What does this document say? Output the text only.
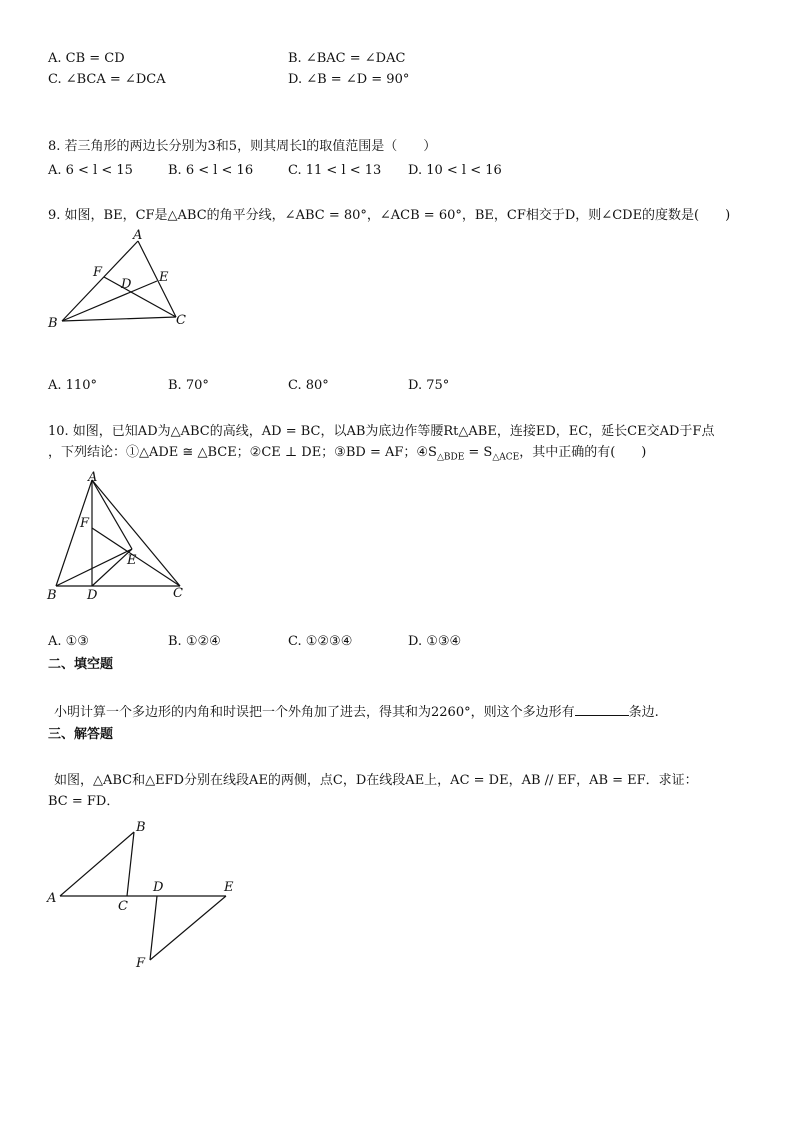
A. CB = CD	B. ∠BAC = ∠DAC
C. ∠BCA = ∠DCA	D. ∠B = ∠D = 90°
8. 若三角形的两边长分别为3和5，则其周长l的取值范围是（　　）
A. 6 < l < 15	B. 6 < l < 16	C. 11 < l < 13 D. 10 < l < 16
9. 如图，BE，CF是△ABC的角平分线，∠ABC = 80°，∠ACB = 60°，BE，CF相交于D，则∠CDE的度数是(　　)
A
B	C
D E
F
A. 110°	B. 70°	C. 80°	D. 75°
10. 如图，已知AD为△ABC的高线，AD = BC，以AB为底边作等腰Rt△ABE，连接ED，EC，延长CE交AD于F点
，下列结论：①△ADE ≅ △BCE；②CE ⊥ DE；③BD = AF；$④S_{\triangle BDE} = S_{\triangle ACE}$，其中正确的有(　　)
A
B	C
D
E
F
A. ①③	B. ①②④	C. ①②③④	D. ①③④
二、填空题
小明计算一个多边形的内角和时误把一个外角加了进去，得其和为2260°，则这个多边形有	条边.
三、解答题
如图，△ABC和△EFD分别在线段AE的两侧，点C，D在线段AE上，AC = DE，AB // EF，AB = EF．求证：
BC = FD．
B
A
C
D	E
F
